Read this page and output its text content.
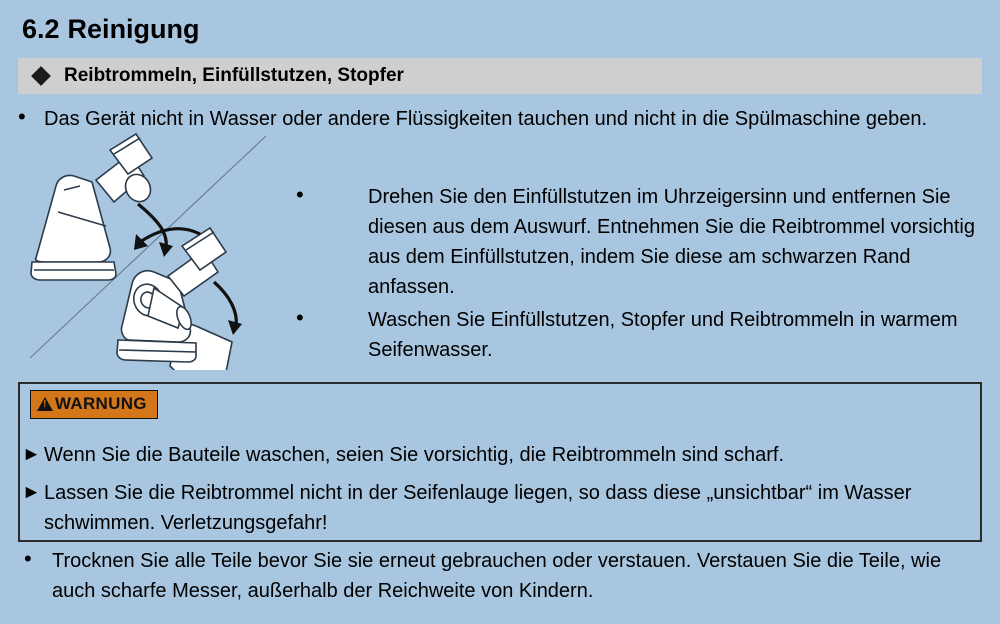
6.2 Reinigung
Reibtrommeln, Einfüllstutzen, Stopfer
• Das Gerät nicht in Wasser oder andere Flüssigkeiten tauchen und nicht in die Spülmaschine geben.
•	Drehen Sie den Einfüllstutzen im Uhrzeigersinn und entfernen Sie diesen aus dem Auswurf. Entnehmen Sie die Reibtrommel vorsichtig aus dem Einfüllstutzen, indem Sie diese am schwarzen Rand anfassen.
•	Waschen Sie Einfüllstutzen, Stopfer und Reibtrommeln in warmem Seifenwasser.
!
WARNUNG
► Wenn Sie die Bauteile waschen, seien Sie vorsichtig, die Reibtrommeln sind scharf.
► Lassen Sie die Reibtrommel nicht in der Seifenlauge liegen, so dass diese „unsichtbar“ im Wasser schwimmen. Verletzungsgefahr!
•	Trocknen Sie alle Teile bevor Sie sie erneut gebrauchen oder verstauen. Verstauen Sie die Teile, wie auch scharfe Messer, außerhalb der Reichweite von Kindern.
